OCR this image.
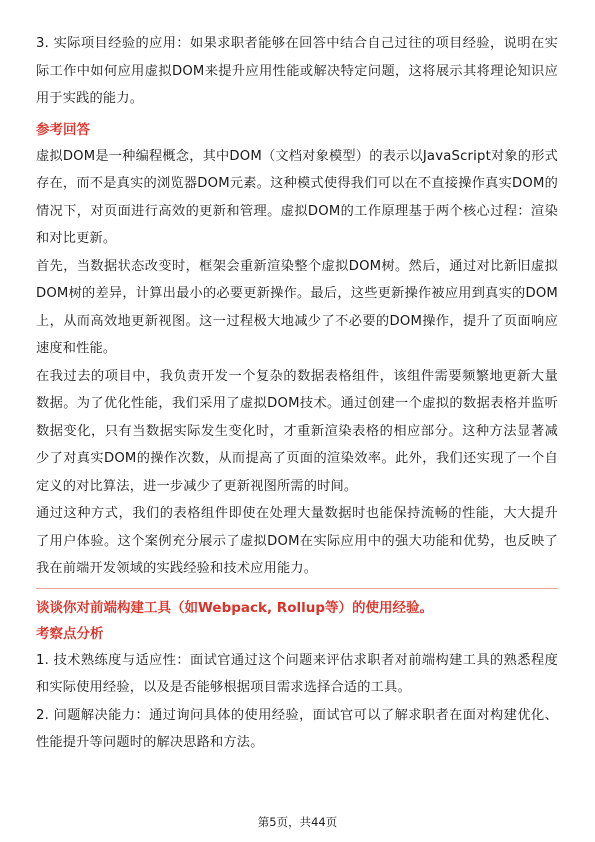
3. 实际项目经验的应用：如果求职者能够在回答中结合自己过往的项目经验，说明在实际工作中如何应用虚拟DOM来提升应用性能或解决特定问题，这将展示其将理论知识应用于实践的能力。

参考回答

虚拟DOM是一种编程概念，其中DOM（文档对象模型）的表示以JavaScript对象的形式存在，而不是真实的浏览器DOM元素。这种模式使得我们可以在不直接操作真实DOM的情况下，对页面进行高效的更新和管理。虚拟DOM的工作原理基于两个核心过程：渲染和对比更新。

首先，当数据状态改变时，框架会重新渲染整个虚拟DOM树。然后，通过对比新旧虚拟DOM树的差异，计算出最小的必要更新操作。最后，这些更新操作被应用到真实的DOM上，从而高效地更新视图。这一过程极大地减少了不必要的DOM操作，提升了页面响应速度和性能。

在我过去的项目中，我负责开发一个复杂的数据表格组件，该组件需要频繁地更新大量数据。为了优化性能，我们采用了虚拟DOM技术。通过创建一个虚拟的数据表格并监听数据变化，只有当数据实际发生变化时，才重新渲染表格的相应部分。这种方法显著减少了对真实DOM的操作次数，从而提高了页面的渲染效率。此外，我们还实现了一个自定义的对比算法，进一步减少了更新视图所需的时间。

通过这种方式，我们的表格组件即使在处理大量数据时也能保持流畅的性能，大大提升了用户体验。这个案例充分展示了虚拟DOM在实际应用中的强大功能和优势，也反映了我在前端开发领域的实践经验和技术应用能力。

谈谈你对前端构建工具（如Webpack, Rollup等）的使用经验。

考察点分析

1. 技术熟练度与适应性：面试官通过这个问题来评估求职者对前端构建工具的熟悉程度和实际使用经验，以及是否能够根据项目需求选择合适的工具。

2. 问题解决能力：通过询问具体的使用经验，面试官可以了解求职者在面对构建优化、性能提升等问题时的解决思路和方法。

第5页，共44页
